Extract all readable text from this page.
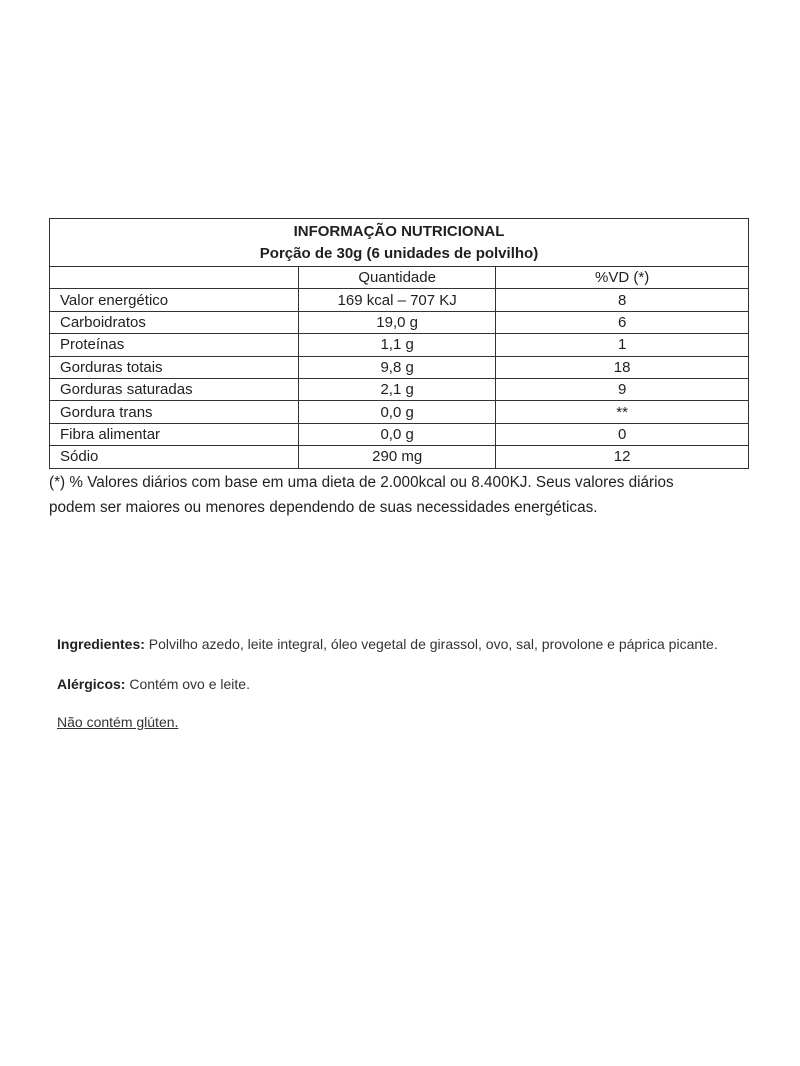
INFORMAÇÃO NUTRICIONAL
Porção de 30g (6 unidades de polvilho)		

	Quantidade	%VD (*)
Valor energético	169 kcal – 707 KJ	8
Carboidratos	19,0 g	6
Proteínas	1,1 g	1
Gorduras totais	9,8 g	18
Gorduras saturadas	2,1 g	9
Gordura trans	0,0 g	**
Fibra alimentar	0,0 g	0
Sódio	290 mg	12
(*) % Valores diários com base em uma dieta de 2.000kcal ou 8.400KJ. Seus valores diários
podem ser maiores ou menores dependendo de suas necessidades energéticas.
Ingredientes: Polvilho azedo, leite integral, óleo vegetal de girassol, ovo, sal, provolone e páprica picante.
Alérgicos: Contém ovo e leite.
Não contém glúten.
